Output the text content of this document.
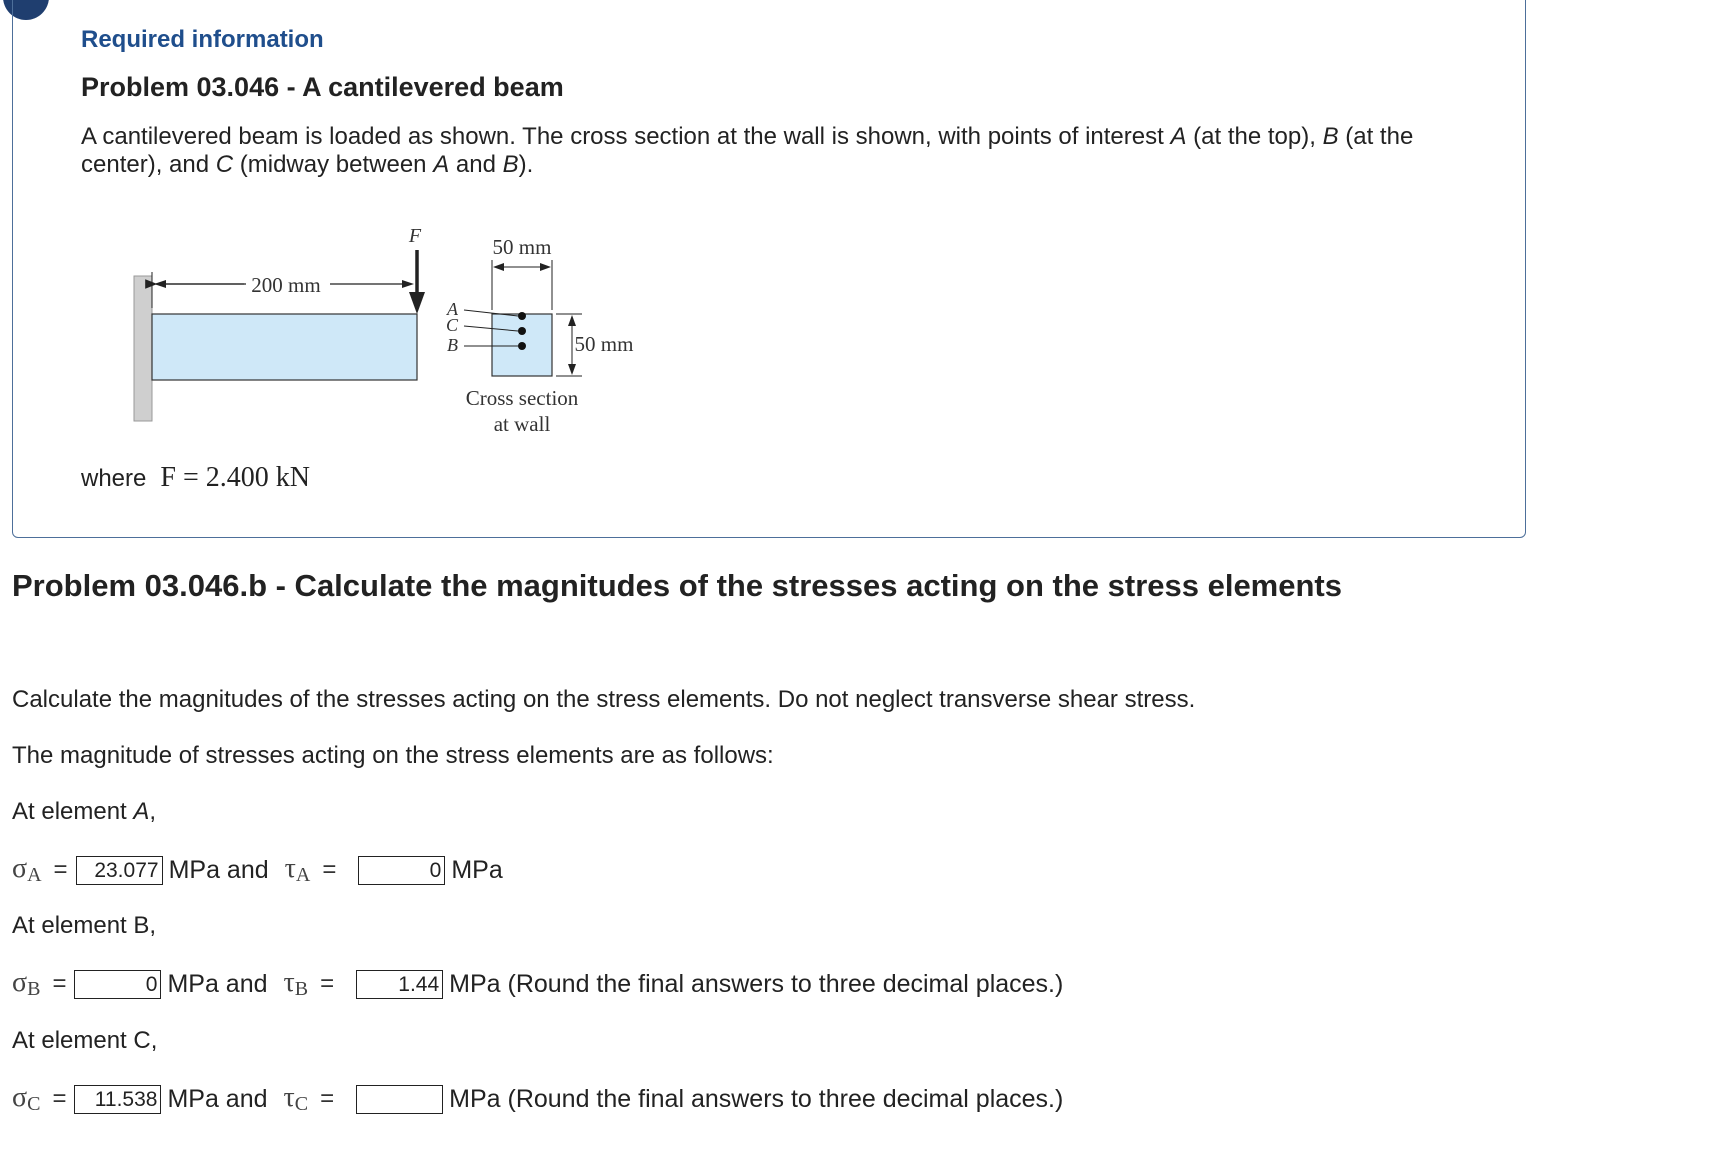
Required information
Problem 03.046 - A cantilevered beam
A cantilevered beam is loaded as shown. The cross section at the wall is shown, with points of interest A (at the top), B (at the center), and C (midway between A and B).
200 mm
F	50 mm
50 mm
A
C
B
Cross section
at wall
where F = 2.400 kN
Problem 03.046.b - Calculate the magnitudes of the stresses acting on the stress elements
Calculate the magnitudes of the stresses acting on the stress elements. Do not neglect transverse shear stress.
The magnitude of stresses acting on the stress elements are as follows:
At element A,
$\sigma_A$ =	23.077 MPa and $\tau_A$ =	0 MPa
At element B,
$\sigma_B$ =	0 MPa and $\tau_B$ =	1.44 MPa (Round the final answers to three decimal places.)
At element C,
$\sigma_C$ =	11.538 MPa and $\tau_C$ =	MPa (Round the final answers to three decimal places.)
